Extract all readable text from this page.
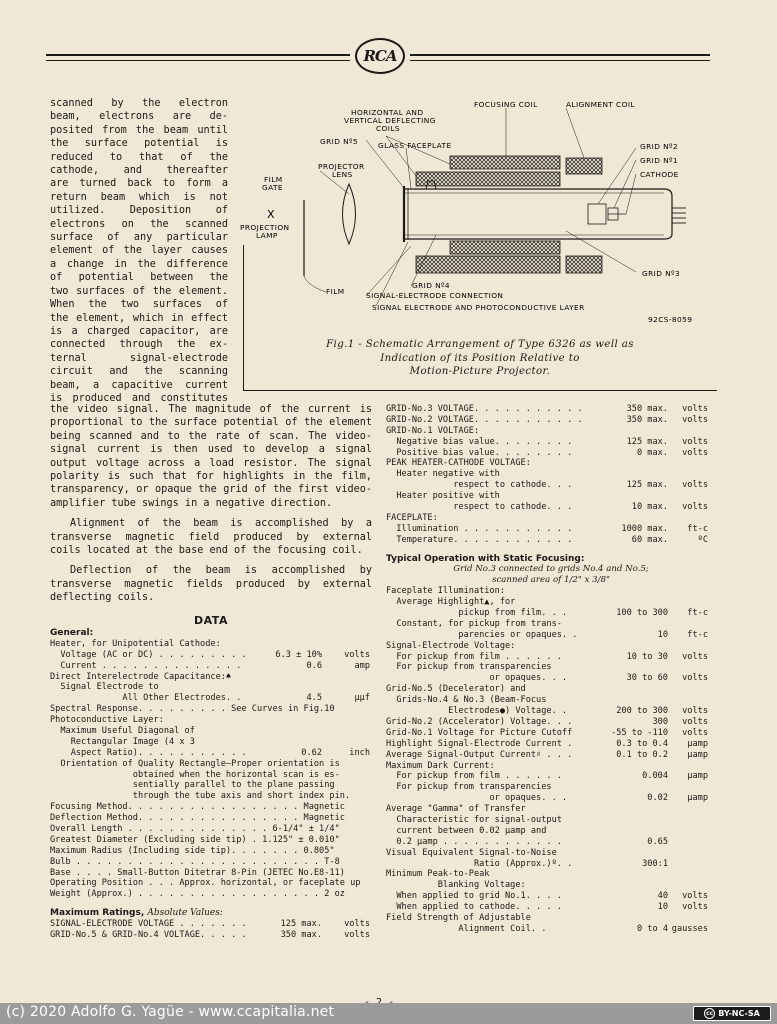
RCA
scanned by the electron
beam, electrons are de-
posited from the beam until
the surface potential is
reduced to that of the
cathode, and thereafter
are turned back to form a
return beam which is not
utilized. Deposition of
electrons on the scanned
surface of any particular
element of the layer causes
a change in the difference
of potential between the
two surfaces of the element.
When the two surfaces of
the element, which in effect
is a charged capacitor, are
connected through the ex-
ternal signal-electrode
circuit and the scanning
beam, a capacitive current
is produced and constitutes
HORIZONTAL AND
VERTICAL DEFLECTING
COILS
FOCUSING COIL	ALIGNMENT COIL
GRID Nº5	GLASS FACEPLATE	GRID Nº2
GRID Nº1
CATHODE
PROJECTOR
LENS
FILM
GATE
X
PROJECTION
LAMP
GRID Nº4
GRID Nº3
FILM	SIGNAL-ELECTRODE CONNECTION
SIGNAL ELECTRODE AND PHOTOCONDUCTIVE LAYER
92CS-8059
Fig.1 - Schematic Arrangement of Type 6326 as well as
Indication of its Position Relative to
Motion-Picture Projector.
the video signal. The magnitude of the current is
proportional to the surface potential of the element
being scanned and to the rate of scan. The video-
signal current is then used to develop a signal
output voltage across a load resistor. The signal
polarity is such that for highlights in the film,
transparency, or opaque the grid of the first video-
amplifier tube swings in a negative direction.
Alignment of the beam is accomplished by a
transverse magnetic field produced by external
coils located at the base end of the focusing coil.
Deflection of the beam is accomplished by
transverse magnetic fields produced by external
deflecting coils.
DATA
General:
Heater, for Unipotential Cathode:
Voltage (AC or DC) . . . . . . . . .	6.3 ± 10%	volts
Current . . . . . . . . . . . . . .	0.6	amp
Direct Interelectrode Capacitance:♠
Signal Electrode to
All Other Electrodes. .	4.5	µµf
Spectral Response. . . . . . . . . See Curves in Fig.10
Photoconductive Layer:
Maximum Useful Diagonal of
Rectangular Image (4 x 3
Aspect Ratio). . . . . . . . . . .	0.62	inch
Orientation of Quality Rectangle—Proper orientation is
obtained when the horizontal scan is es-
sentially parallel to the plane passing
through the tube axis and short index pin.
Focusing Method. . . . . . . . . . . . . . . . . Magnetic
Deflection Method. . . . . . . . . . . . . . . . Magnetic
Overall Length . . . . . . . . . . . . . . 6-1/4" ± 1/4"
Greatest Diameter (Excluding side tip) . 1.125" ± 0.010"
Maximum Radius (Including side tip). . . . . . . 0.805"
Bulb . . . . . . . . . . . . . . . . . . . . . . . . T-8
Base . . . . Small-Button Ditetrar 8-Pin (JETEC No.E8-11)
Operating Position . . . Approx. horizontal, or faceplate up
Weight (Approx.) . . . . . . . . . . . . . . . . . . 2 oz
Maximum Ratings, Absolute Values:
SIGNAL-ELECTRODE VOLTAGE . . . . . . .	125 max.	volts
GRID-No.5 & GRID-No.4 VOLTAGE. . . . .	350 max.	volts
GRID-No.3 VOLTAGE. . . . . . . . . . .	350 max. volts
GRID-No.2 VOLTAGE. . . . . . . . . . .	350 max. volts
GRID-No.1 VOLTAGE:
Negative bias value. . . . . . . .	125 max. volts
Positive bias value. . . . . . . .	0 max. volts
PEAK HEATER-CATHODE VOLTAGE:
Heater negative with
respect to cathode. . .	125 max. volts
Heater positive with
respect to cathode. . .	10 max. volts
FACEPLATE:
Illumination . . . . . . . . . . .	1000 max. ft-c
Temperature. . . . . . . . . . . .	60 max.	ºC
Typical Operation with Static Focusing:
Grid No.3 connected to grids No.4 and No.5;
scanned area of 1/2" x 3/8"
Faceplate Illumination:
Average Highlight▲, for
pickup from film. . .	100 to 300 ft-c
Constant, for pickup from trans-
parencies or opaques. .	10 ft-c
Signal-Electrode Voltage:
For pickup from film . . . . . .	10 to 30 volts
For pickup from transparencies
or opaques. . .	30 to 60 volts
Grid-No.5 (Decelerator) and
Grids-No.4 & No.3 (Beam-Focus
Electrodes●) Voltage. .	200 to 300 volts
Grid-No.2 (Accelerator) Voltage. . .	300 volts
Grid-No.1 Voltage for Picture Cutoff	-55 to -110 volts
Highlight Signal-Electrode Current .	0.3 to 0.4 µamp
Average Signal-Output Current♯ . . .	0.1 to 0.2 µamp
Maximum Dark Current:
For pickup from film . . . . . .	0.004 µamp
For pickup from transparencies
or opaques. . .	0.02 µamp
Average "Gamma" of Transfer
Characteristic for signal-output
current between 0.02 µamp and
0.2 µamp . . . . . . . . . . . .	0.65
Visual Equivalent Signal-to-Noise
Ratio (Approx.)º. .	300:1
Minimum Peak-to-Peak
Blanking Voltage:
When applied to grid No.1. . . .	40 volts
When applied to cathode. . . . .	10 volts
Field Strength of Adjustable
Alignment Coil. .	0 to 4 gausses
(c) 2020 Adolfo G. Yagüe - www.ccapitalia.net	cc BY-NC-SA
